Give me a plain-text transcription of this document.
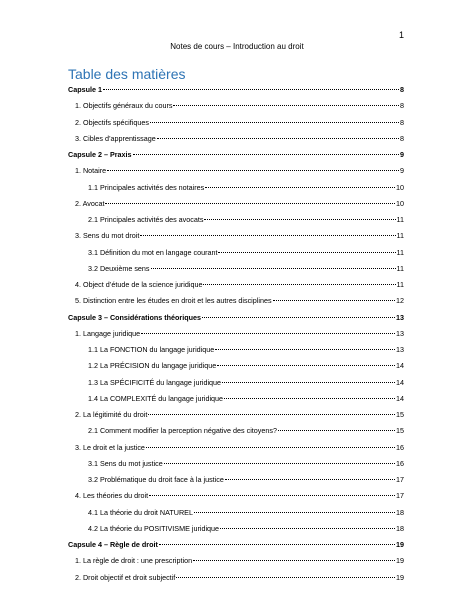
1
Notes de cours – Introduction au droit
Table des matières
Capsule 1	8
1. Objectifs généraux du cours	8
2. Objectifs spécifiques	8
3. Cibles d’apprentissage	8
Capsule 2 – Praxis	9
1. Notaire	9
1.1 Principales activités des notaires	10
2. Avocat	10
2.1 Principales activités des avocats	11
3. Sens du mot droit	11
3.1 Définition du mot en langage courant	11
3.2 Deuxième sens	11
4. Object d’étude de la science juridique	11
5. Distinction entre les études en droit et les autres disciplines	12
Capsule 3 – Considérations théoriques	13
1. Langage juridique	13
1.1 La FONCTION du langage juridique	13
1.2 La PRÉCISION du langage juridique	14
1.3 La SPÉCIFICITÉ du langage juridique	14
1.4 La COMPLEXITÉ du langage juridique	14
2. La légitimité du droit	15
2.1 Comment modifier la perception négative des citoyens?	15
3. Le droit et la justice	16
3.1 Sens du mot justice	16
3.2 Problématique du droit face à la justice	17
4. Les théories du droit	17
4.1 La théorie du droit NATUREL	18
4.2 La théorie du POSITIVISME juridique	18
Capsule 4 – Règle de droit	19
1. La règle de droit : une prescription	19
2. Droit objectif et droit subjectif	19
